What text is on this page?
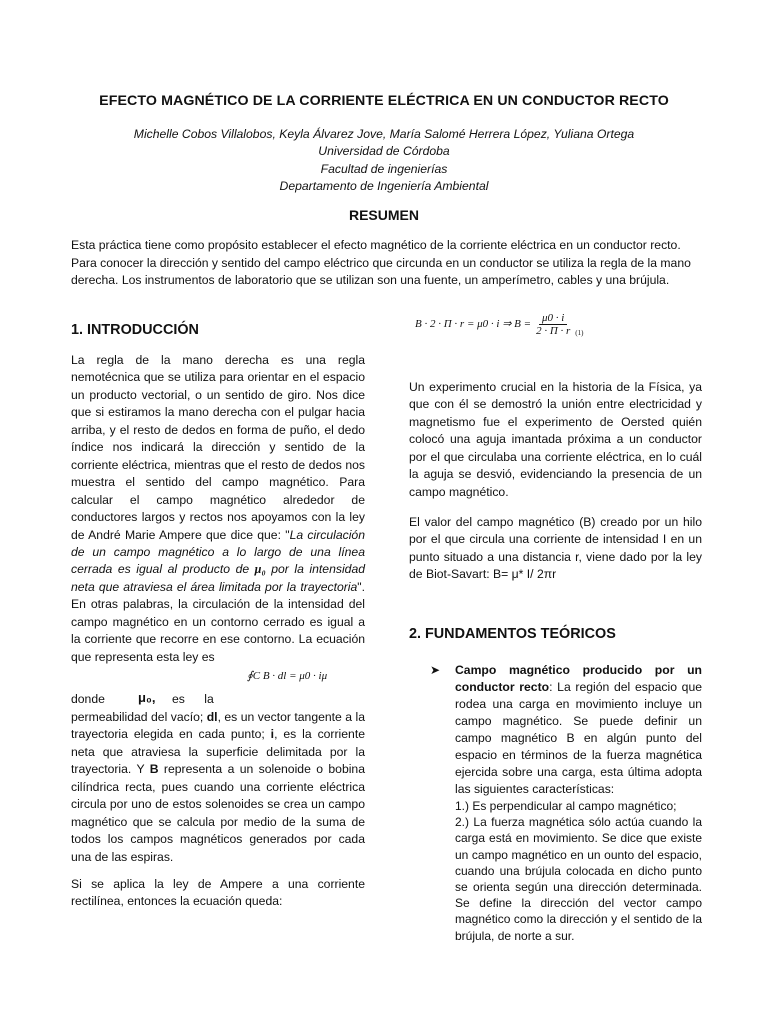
EFECTO MAGNÉTICO DE LA CORRIENTE ELÉCTRICA EN UN CONDUCTOR RECTO
Michelle Cobos Villalobos, Keyla Álvarez Jove, María Salomé Herrera López, Yuliana Ortega
Universidad de Córdoba
Facultad de ingenierías
Departamento de Ingeniería Ambiental
RESUMEN
Esta práctica tiene como propósito establecer el efecto magnético de la corriente eléctrica en un conductor recto. Para conocer la dirección y sentido del campo eléctrico que circunda en un conductor se utiliza la regla de la mano derecha. Los instrumentos de laboratorio que se utilizan son una fuente, un amperímetro, cables y una brújula.
1. INTRODUCCIÓN
La regla de la mano derecha es una regla nemotécnica que se utiliza para orientar en el espacio un producto vectorial, o un sentido de giro. Nos dice que si estiramos la mano derecha con el pulgar hacia arriba, y el resto de dedos en forma de puño, el dedo índice nos indicará la dirección y sentido de la corriente eléctrica, mientras que el resto de dedos nos muestra el sentido del campo magnético. Para calcular el campo magnético alrededor de conductores largos y rectos nos apoyamos con la ley de André Marie Ampere que dice que: "La circulación de un campo magnético a lo largo de una línea cerrada es igual al producto de μ₀ por la intensidad neta que atraviesa el área limitada por la trayectoria". En otras palabras, la circulación de la intensidad del campo magnético en un contorno cerrado es igual a la corriente que recorre en ese contorno. La ecuación que representa esta ley es
∮C B · dl = μ0 · iμ
donde	μ₀, es la
permeabilidad del vacío; dl, es un vector tangente a la trayectoria elegida en cada punto; i, es la corriente neta que atraviesa la superficie delimitada por la trayectoria. Y B representa a un solenoide o bobina cilíndrica recta, pues cuando una corriente eléctrica circula por uno de estos solenoides se crea un campo magnético que se calcula por medio de la suma de todos los campos magnéticos generados por cada una de las espiras.
Si se aplica la ley de Ampere a una corriente rectilínea, entonces la ecuación queda:
B · 2 · Π · r = μ0 · i ⇒ $B = \frac{\mu 0 \cdot i}{2 \cdot \Pi \cdot r} _{(1)}$
Un experimento crucial en la historia de la Física, ya que con él se demostró la unión entre electricidad y magnetismo fue el experimento de Oersted quién colocó una aguja imantada próxima a un conductor por el que circulaba una corriente eléctrica, en lo cuál la aguja se desvió, evidenciando la presencia de un campo magnético.
El valor del campo magnético (B) creado por un hilo por el que circula una corriente de intensidad I en un punto situado a una distancia r, viene dado por la ley de Biot-Savart: B= μ* I/ 2πr
2. FUNDAMENTOS TEÓRICOS
➤ Campo magnético producido por un conductor recto: La región del espacio que rodea una carga en movimiento incluye un campo magnético. Se puede definir un campo magnético B en algún punto del espacio en términos de la fuerza magnética ejercida sobre una carga, esta última adopta las siguientes características:
1.) Es perpendicular al campo magnético;
2.) La fuerza magnética sólo actúa cuando la carga está en movimiento. Se dice que existe un campo magnético en un ounto del espacio, cuando una brújula colocada en dicho punto se orienta según una dirección determinada. Se define la dirección del vector campo magnético como la dirección y el sentido de la brújula, de norte a sur.
